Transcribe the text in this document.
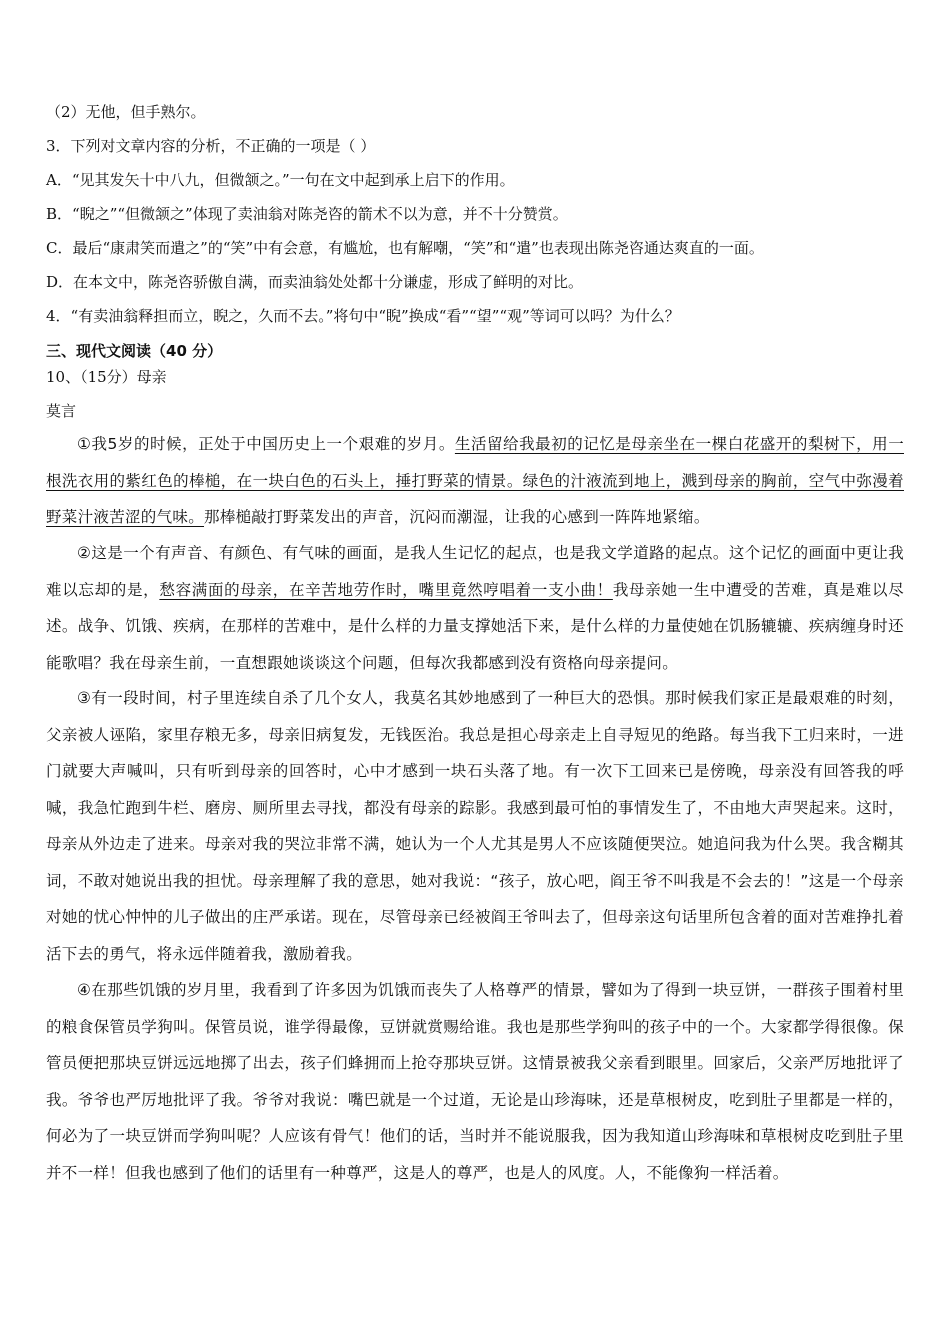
（2）无他，但手熟尔。
3．下列对文章内容的分析，不正确的一项是（ ）
A．“见其发矢十中八九，但微颔之。”一句在文中起到承上启下的作用。
B．“睨之”“但微颔之”体现了卖油翁对陈尧咨的箭术不以为意，并不十分赞赏。
C．最后“康肃笑而遣之”的“笑”中有会意，有尴尬，也有解嘲，“笑”和“遣”也表现出陈尧咨通达爽直的一面。
D．在本文中，陈尧咨骄傲自满，而卖油翁处处都十分谦虚，形成了鲜明的对比。
4．“有卖油翁释担而立，睨之，久而不去。”将句中“睨”换成“看”“望”“观”等词可以吗？为什么？
三、现代文阅读（40 分）
10、（15分）母亲
莫言
①我5岁的时候，正处于中国历史上一个艰难的岁月。生活留给我最初的记忆是母亲坐在一棵白花盛开的梨树下，用一根洗衣用的紫红色的棒槌，在一块白色的石头上，捶打野菜的情景。绿色的汁液流到地上，溅到母亲的胸前，空气中弥漫着野菜汁液苦涩的气味。那棒槌敲打野菜发出的声音，沉闷而潮湿，让我的心感到一阵阵地紧缩。
②这是一个有声音、有颜色、有气味的画面，是我人生记忆的起点，也是我文学道路的起点。这个记忆的画面中更让我难以忘却的是，愁容满面的母亲，在辛苦地劳作时，嘴里竟然哼唱着一支小曲！我母亲她一生中遭受的苦难，真是难以尽述。战争、饥饿、疾病，在那样的苦难中，是什么样的力量支撑她活下来，是什么样的力量使她在饥肠辘辘、疾病缠身时还能歌唱？我在母亲生前，一直想跟她谈谈这个问题，但每次我都感到没有资格向母亲提问。
③有一段时间，村子里连续自杀了几个女人，我莫名其妙地感到了一种巨大的恐惧。那时候我们家正是最艰难的时刻，父亲被人诬陷，家里存粮无多，母亲旧病复发，无钱医治。我总是担心母亲走上自寻短见的绝路。每当我下工归来时，一进门就要大声喊叫，只有听到母亲的回答时，心中才感到一块石头落了地。有一次下工回来已是傍晚，母亲没有回答我的呼喊，我急忙跑到牛栏、磨房、厕所里去寻找，都没有母亲的踪影。我感到最可怕的事情发生了，不由地大声哭起来。这时，母亲从外边走了进来。母亲对我的哭泣非常不满，她认为一个人尤其是男人不应该随便哭泣。她追问我为什么哭。我含糊其词，不敢对她说出我的担忧。母亲理解了我的意思，她对我说：“孩子，放心吧，阎王爷不叫我是不会去的！”这是一个母亲对她的忧心忡忡的儿子做出的庄严承诺。现在，尽管母亲已经被阎王爷叫去了，但母亲这句话里所包含着的面对苦难挣扎着活下去的勇气，将永远伴随着我，激励着我。
④在那些饥饿的岁月里，我看到了许多因为饥饿而丧失了人格尊严的情景，譬如为了得到一块豆饼，一群孩子围着村里的粮食保管员学狗叫。保管员说，谁学得最像，豆饼就赏赐给谁。我也是那些学狗叫的孩子中的一个。大家都学得很像。保管员便把那块豆饼远远地掷了出去，孩子们蜂拥而上抢夺那块豆饼。这情景被我父亲看到眼里。回家后，父亲严厉地批评了我。爷爷也严厉地批评了我。爷爷对我说：嘴巴就是一个过道，无论是山珍海味，还是草根树皮，吃到肚子里都是一样的，何必为了一块豆饼而学狗叫呢？人应该有骨气！他们的话，当时并不能说服我，因为我知道山珍海味和草根树皮吃到肚子里并不一样！但我也感到了他们的话里有一种尊严，这是人的尊严，也是人的风度。人，不能像狗一样活着。
